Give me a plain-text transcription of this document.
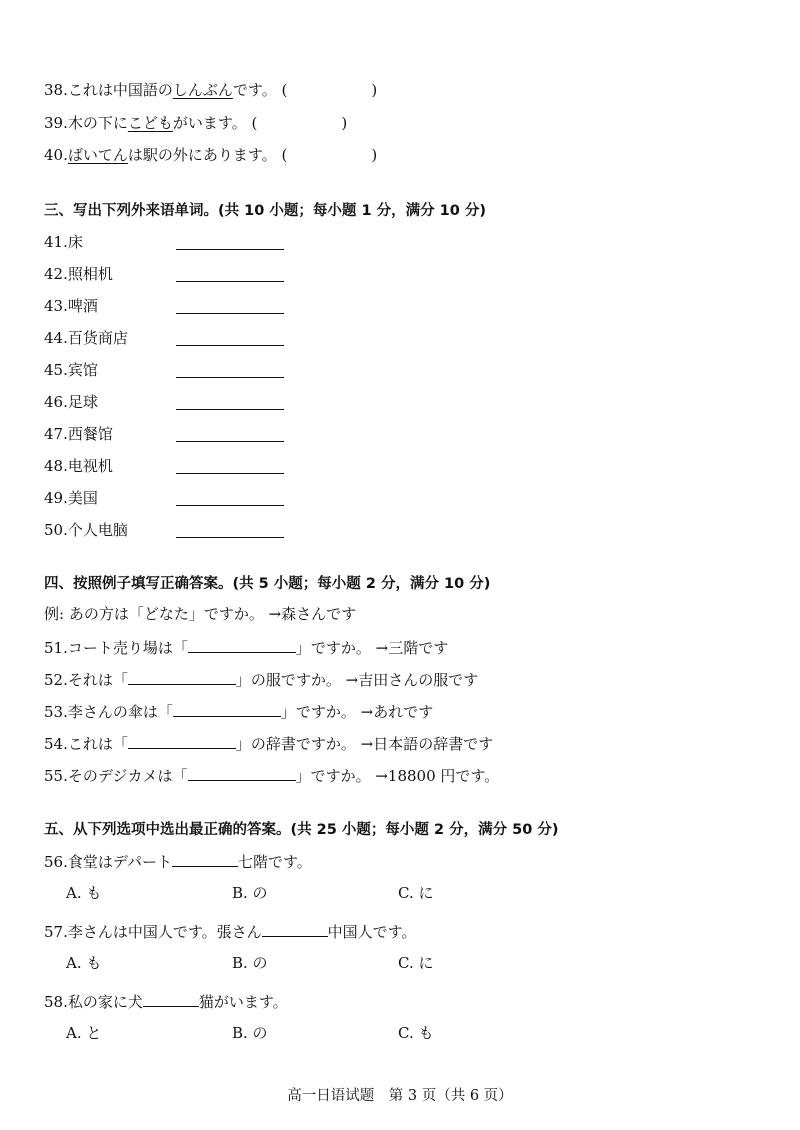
38.これは中国語のしんぶんです。 (	)
39.木の下にこどもがいます。 (	)
40.ばいてんは駅の外にあります。 (	)
三、写出下列外来语单词。(共 10 小题；每小题 1 分，满分 10 分)
41.床
42.照相机
43.啤酒
44.百货商店
45.宾馆
46.足球
47.西餐馆
48.电视机
49.美国
50.个人电脑
四、按照例子填写正确答案。(共 5 小题；每小题 2 分，满分 10 分)
例: あの方は「どなた」ですか。 →森さんです
51.コート売り場は「	」ですか。 →三階です
52.それは「	」の服ですか。 →吉田さんの服です
53.李さんの傘は「	」ですか。 →あれです
54.これは「	」の辞書ですか。 →日本語の辞書です
55.そのデジカメは「	」ですか。 →18800 円です。
五、从下列选项中选出最正确的答案。(共 25 小题；每小题 2 分，满分 50 分)
56.食堂はデパート	七階です。
A. も	B. の	C. に
57.李さんは中国人です。張さん	中国人です。
A. も	B. の	C. に
58.私の家に犬	猫がいます。
A. と	B. の	C. も
高一日语试题　第 3 页（共 6 页）
